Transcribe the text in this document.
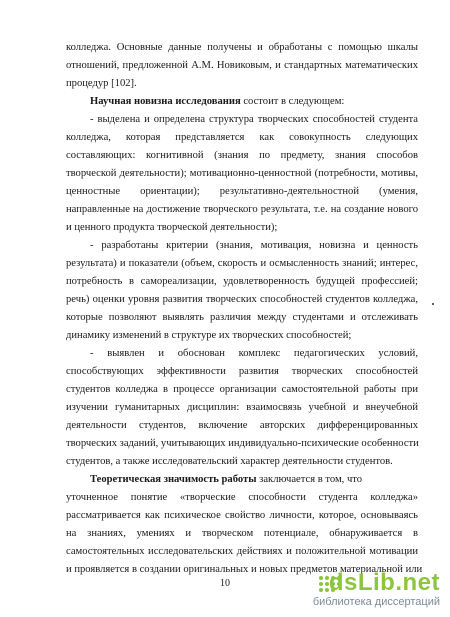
колледжа. Основные данные получены и обработаны с помощью шкалы
отношений, предложенной А.М. Новиковым, и стандартных математических
процедур [102].
Научная новизна исследования состоит в следующем:
- выделена и определена структура творческих способностей студента
колледжа, которая представляется как совокупность следующих
составляющих: когнитивной (знания по предмету, знания способов
творческой деятельности); мотивационно-ценностной (потребности, мотивы,
ценностные ориентации); результативно-деятельностной (умения,
направленные на достижение творческого результата, т.е. на создание нового
и ценного продукта творческой деятельности);
- разработаны критерии (знания, мотивация, новизна и ценность
результата) и показатели (объем, скорость и осмысленность знаний; интерес,
потребность в самореализации, удовлетворенность будущей профессией;
речь) оценки уровня развития творческих способностей студентов колледжа,
которые позволяют выявлять различия между студентами и отслеживать
динамику изменений в структуре их творческих способностей;
- выявлен и обоснован комплекс педагогических условий,
способствующих эффективности развития творческих способностей
студентов колледжа в процессе организации самостоятельной работы при
изучении гуманитарных дисциплин: взаимосвязь учебной и внеучебной
деятельности студентов, включение авторских дифференцированных
творческих заданий, учитывающих индивидуально-психические особенности
студентов, а также исследовательский характер деятельности студентов.
Теоретическая значимость работы заключается в том, что
уточненное понятие «творческие способности студента колледжа»
рассматривается как психическое свойство личности, которое, основываясь
на знаниях, умениях и творческом потенциале, обнаруживается в
самостоятельных исследовательских действиях и положительной мотивации
и проявляется в создании оригинальных и новых предметов материальной или
10	dsLib.net
библиотека диссертаций
